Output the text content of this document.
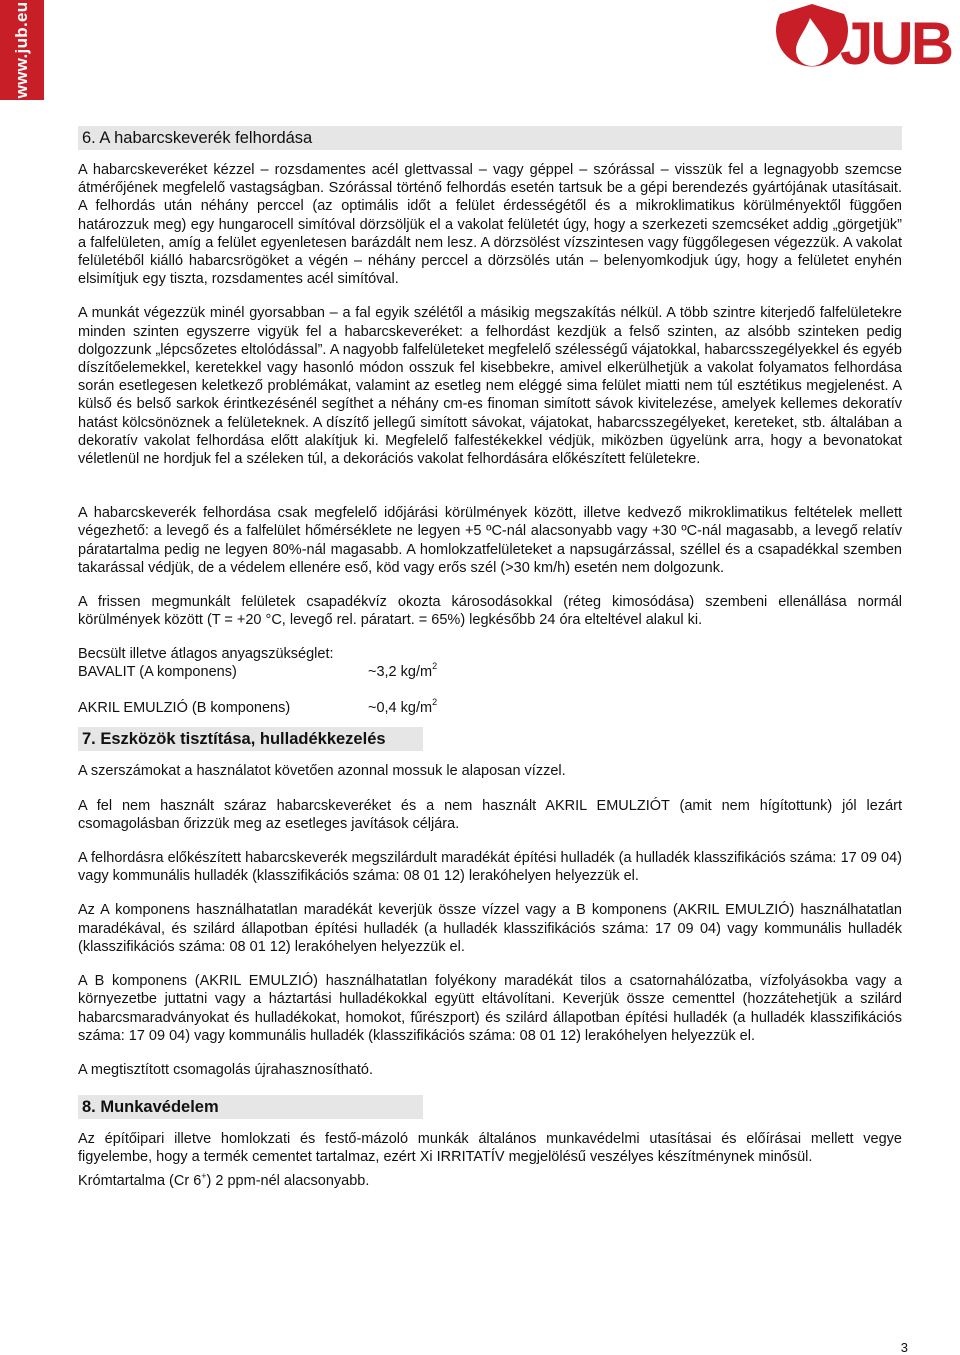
www.jub.eu	JUB
6. A habarcskeverék felhordása

A habarcskeveréket kézzel – rozsdamentes acél glettvassal – vagy géppel – szórással – visszük fel a legnagyobb szemcse átmérőjének megfelelő vastagságban. Szórással történő felhordás esetén tartsuk be a gépi berendezés gyártójának utasításait. A felhordás után néhány perccel (az optimális időt a felület érdességétől és a mikroklimatikus körülményektől függően határozzuk meg) egy hungarocell simítóval dörzsöljük el a vakolat felületét úgy, hogy a szerkezeti szemcséket addig „görgetjük” a falfelületen, amíg a felület egyenletesen barázdált nem lesz. A dörzsölést vízszintesen vagy függőlegesen végezzük. A vakolat felületéből kiálló habarcsrögöket a végén – néhány perccel a dörzsölés után – belenyomkodjuk úgy, hogy a felületet enyhén elsimítjuk egy tiszta, rozsdamentes acél simítóval.

A munkát végezzük minél gyorsabban – a fal egyik szélétől a másikig megszakítás nélkül. A több szintre kiterjedő falfelületekre minden szinten egyszerre vigyük fel a habarcskeveréket: a felhordást kezdjük a felső szinten, az alsóbb szinteken pedig dolgozzunk „lépcsőzetes eltolódással”. A nagyobb falfelületeket megfelelő szélességű vájatokkal, habarcsszegélyekkel és egyéb díszítőelemekkel, keretekkel vagy hasonló módon osszuk fel kisebbekre, amivel elkerülhetjük a vakolat folyamatos felhordása során esetlegesen keletkező problémákat, valamint az esetleg nem eléggé sima felület miatti nem túl esztétikus megjelenést. A külső és belső sarkok érintkezésénél segíthet a néhány cm-es finoman simított sávok kivitelezése, amelyek kellemes dekoratív hatást kölcsönöznek a felületeknek. A díszítő jellegű simított sávokat, vájatokat, habarcsszegélyeket, kereteket, stb. általában a dekoratív vakolat felhordása előtt alakítjuk ki. Megfelelő falfestékekkel védjük, miközben ügyelünk arra, hogy a bevonatokat véletlenül ne hordjuk fel a széleken túl, a dekorációs vakolat felhordására előkészített felületekre.

A habarcskeverék felhordása csak megfelelő időjárási körülmények között, illetve kedvező mikroklimatikus feltételek mellett végezhető: a levegő és a falfelület hőmérséklete ne legyen +5 ºC-nál alacsonyabb vagy +30 ºC-nál magasabb, a levegő relatív páratartalma pedig ne legyen 80%-nál magasabb. A homlokzatfelületeket a napsugárzással, széllel és a csapadékkal szemben takarással védjük, de a védelem ellenére eső, köd vagy erős szél (>30 km/h) esetén nem dolgozunk.

A frissen megmunkált felületek csapadékvíz okozta károsodásokkal (réteg kimosódása) szembeni ellenállása normál körülmények között (T = +20 °C, levegő rel. páratart. = 65%) legkésőbb 24 óra elteltével alakul ki.

Becsült illetve átlagos anyagszükséglet:
BAVALIT (A komponens)	~3,2 $kg/m^2$
AKRIL EMULZIÓ (B komponens)	~0,4 $kg/m^2$
7. Eszközök tisztítása, hulladékkezelés

A szerszámokat a használatot követően azonnal mossuk le alaposan vízzel.

A fel nem használt száraz habarcskeveréket és a nem használt AKRIL EMULZIÓT (amit nem hígítottunk) jól lezárt csomagolásban őrizzük meg az esetleges javítások céljára.

A felhordásra előkészített habarcskeverék megszilárdult maradékát építési hulladék (a hulladék klasszifikációs száma: 17 09 04) vagy kommunális hulladék (klasszifikációs száma: 08 01 12) lerakóhelyen helyezzük el.

Az A komponens használhatatlan maradékát keverjük össze vízzel vagy a B komponens (AKRIL EMULZIÓ) használhatatlan maradékával, és szilárd állapotban építési hulladék (a hulladék klasszifikációs száma: 17 09 04) vagy kommunális hulladék (klasszifikációs száma: 08 01 12) lerakóhelyen helyezzük el.

A B komponens (AKRIL EMULZIÓ) használhatatlan folyékony maradékát tilos a csatornahálózatba, vízfolyásokba vagy a környezetbe juttatni vagy a háztartási hulladékokkal együtt eltávolítani. Keverjük össze cementtel (hozzátehetjük a szilárd habarcsmaradványokat és hulladékokat, homokot, fűrészport) és szilárd állapotban építési hulladék (a hulladék klasszifikációs száma: 17 09 04) vagy kommunális hulladék (klasszifikációs száma: 08 01 12) lerakóhelyen helyezzük el.

A megtisztított csomagolás újrahasznosítható.

8. Munkavédelem

Az építőipari illetve homlokzati és festő-mázoló munkák általános munkavédelmi utasításai és előírásai mellett vegye figyelembe, hogy a termék cementet tartalmaz, ezért Xi IRRITATÍV megjelölésű veszélyes készítménynek minősül.

Krómtartalma (Cr 6+) 2 ppm-nél alacsonyabb.

3
